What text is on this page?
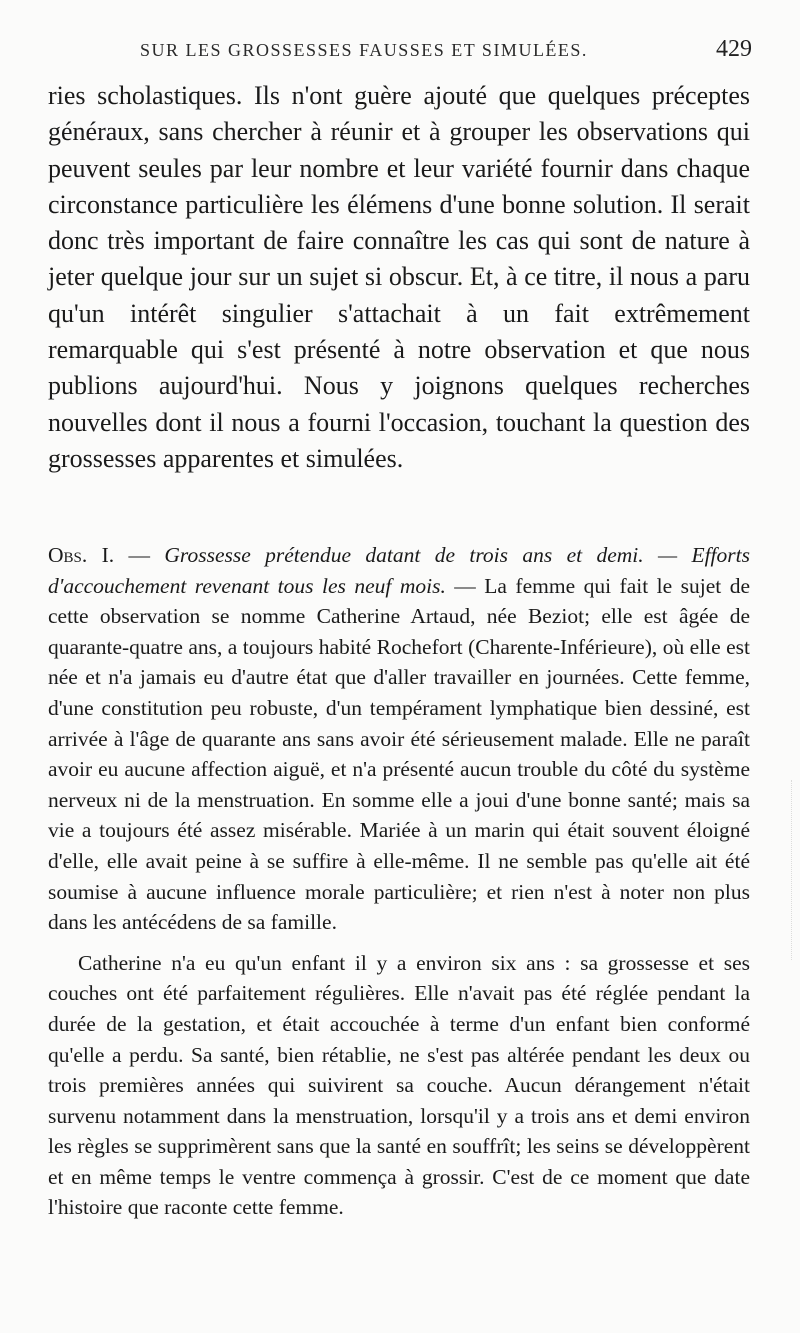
SUR LES GROSSESSES FAUSSES ET SIMULÉES.	429
ries scholastiques. Ils n'ont guère ajouté que quelques préceptes généraux, sans chercher à réunir et à grouper les observations qui peuvent seules par leur nombre et leur variété fournir dans chaque circonstance particulière les élémens d'une bonne solution. Il serait donc très important de faire connaître les cas qui sont de nature à jeter quelque jour sur un sujet si obscur. Et, à ce titre, il nous a paru qu'un intérêt singulier s'attachait à un fait extrêmement remarquable qui s'est présenté à notre observation et que nous publions aujourd'hui. Nous y joignons quelques recherches nouvelles dont il nous a fourni l'occasion, touchant la question des grossesses apparentes et simulées.

Obs. I. — Grossesse prétendue datant de trois ans et demi. — Efforts d'accouchement revenant tous les neuf mois. — La femme qui fait le sujet de cette observation se nomme Catherine Artaud, née Beziot; elle est âgée de quarante-quatre ans, a toujours habité Rochefort (Charente-Inférieure), où elle est née et n'a jamais eu d'autre état que d'aller travailler en journées. Cette femme, d'une constitution peu robuste, d'un tempérament lymphatique bien dessiné, est arrivée à l'âge de quarante ans sans avoir été sérieusement malade. Elle ne paraît avoir eu aucune affection aiguë, et n'a présenté aucun trouble du côté du système nerveux ni de la menstruation. En somme elle a joui d'une bonne santé; mais sa vie a toujours été assez misérable. Mariée à un marin qui était souvent éloigné d'elle, elle avait peine à se suffire à elle-même. Il ne semble pas qu'elle ait été soumise à aucune influence morale particulière; et rien n'est à noter non plus dans les antécédens de sa famille.

Catherine n'a eu qu'un enfant il y a environ six ans : sa grossesse et ses couches ont été parfaitement régulières. Elle n'avait pas été réglée pendant la durée de la gestation, et était accouchée à terme d'un enfant bien conformé qu'elle a perdu. Sa santé, bien rétablie, ne s'est pas altérée pendant les deux ou trois premières années qui suivirent sa couche. Aucun dérangement n'était survenu notamment dans la menstruation, lorsqu'il y a trois ans et demi environ les règles se supprimèrent sans que la santé en souffrît; les seins se développèrent et en même temps le ventre commença à grossir. C'est de ce moment que date l'histoire que raconte cette femme.
